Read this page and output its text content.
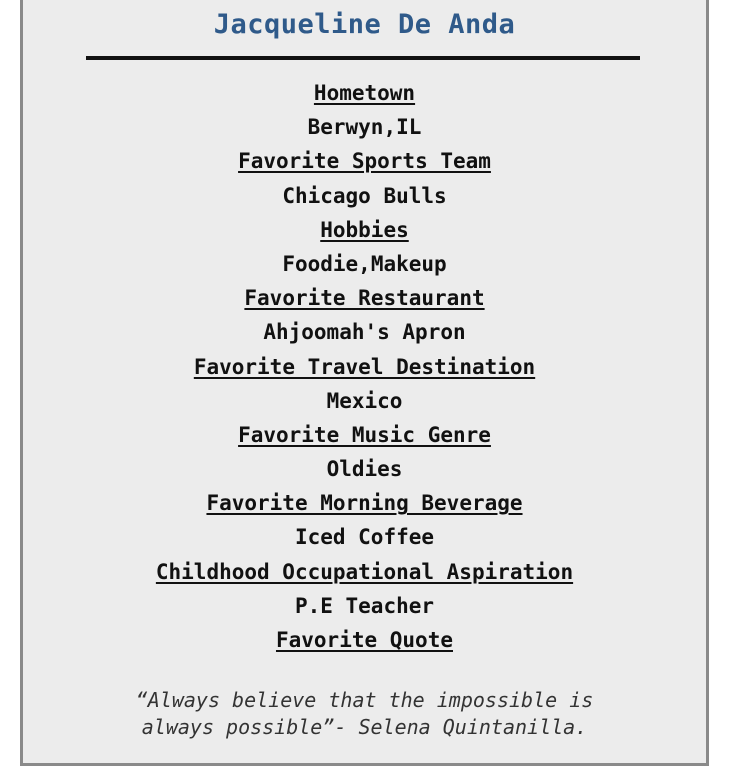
Jacqueline De Anda
Hometown
Berwyn,IL
Favorite Sports Team
Chicago Bulls
Hobbies
Foodie,Makeup
Favorite Restaurant
Ahjoomah's Apron
Favorite Travel Destination
Mexico
Favorite Music Genre
Oldies
Favorite Morning Beverage
Iced Coffee
Childhood Occupational Aspiration
P.E Teacher
Favorite Quote
“Always believe that the impossible is
always possible”- Selena Quintanilla.
